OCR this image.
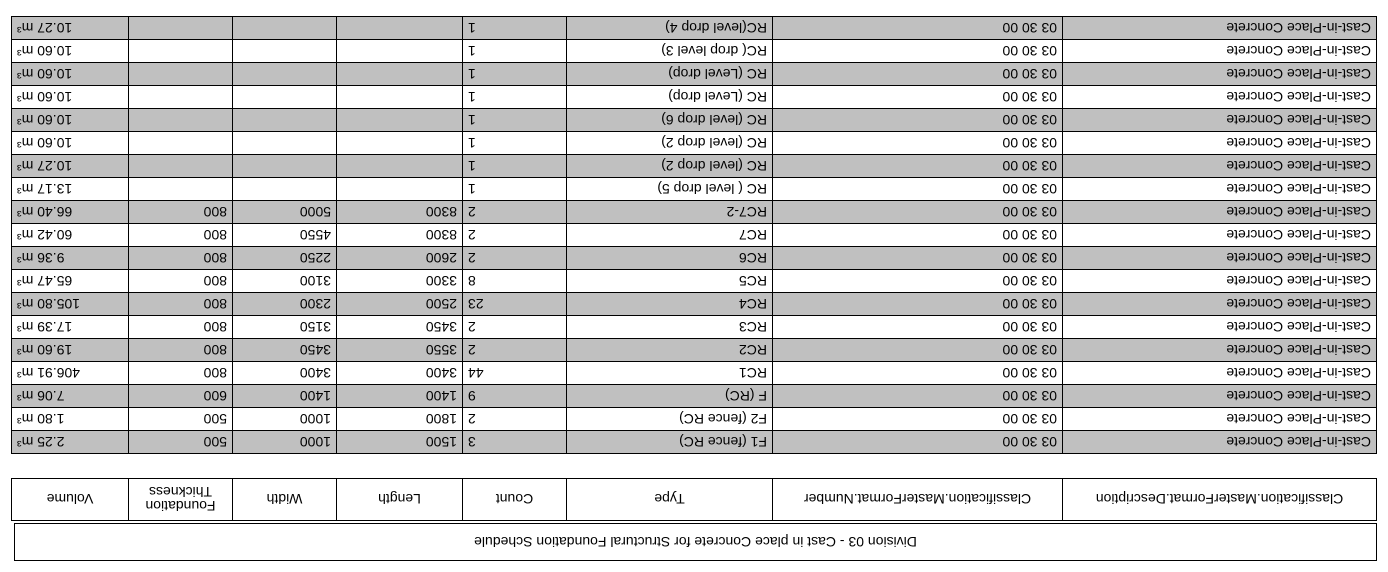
Division 03 - Cast in place Concrete for Structural Foundation Schedule
Classification.MasterFormat.Description	Classification.MasterFormat.Number	Type	Count	Length	Width	Foundation Thickness	Volume
Cast-in-Place Concrete	03 30 00	F1 (fence RC)	3	1500	1000	500	2.25 m³
Cast-in-Place Concrete	03 30 00	F2 (fence RC)	2	1800	1000	500	1.80 m³
Cast-in-Place Concrete	03 30 00	F (RC)	9	1400	1400	600	7.06 m³
Cast-in-Place Concrete	03 30 00	RC1	44	3400	3400	800	406.91 m³
Cast-in-Place Concrete	03 30 00	RC2	2	3550	3450	800	19.60 m³
Cast-in-Place Concrete	03 30 00	RC3	2	3450	3150	800	17.39 m³
Cast-in-Place Concrete	03 30 00	RC4	23	2500	2300	800	105.80 m³
Cast-in-Place Concrete	03 30 00	RC5	8	3300	3100	800	65.47 m³
Cast-in-Place Concrete	03 30 00	RC6	2	2600	2250	800	9.36 m³
Cast-in-Place Concrete	03 30 00	RC7	2	8300	4550	800	60.42 m³
Cast-in-Place Concrete	03 30 00	RC7-2	2	8300	5000	800	66.40 m³
Cast-in-Place Concrete	03 30 00	RC ( level drop 5)	1				13.17 m³
Cast-in-Place Concrete	03 30 00	RC (level drop 2)	1				10.27 m³
Cast-in-Place Concrete	03 30 00	RC (level drop 2)	1				10.60 m³
Cast-in-Place Concrete	03 30 00	RC (level drop 6)	1				10.60 m³
Cast-in-Place Concrete	03 30 00	RC (Level drop)	1				10.60 m³
Cast-in-Place Concrete	03 30 00	RC (Level drop)	1				10.60 m³
Cast-in-Place Concrete	03 30 00	RC( drop level 3)	1				10.60 m³
Cast-in-Place Concrete	03 30 00	RC(level drop 4)	1				10.27 m³
